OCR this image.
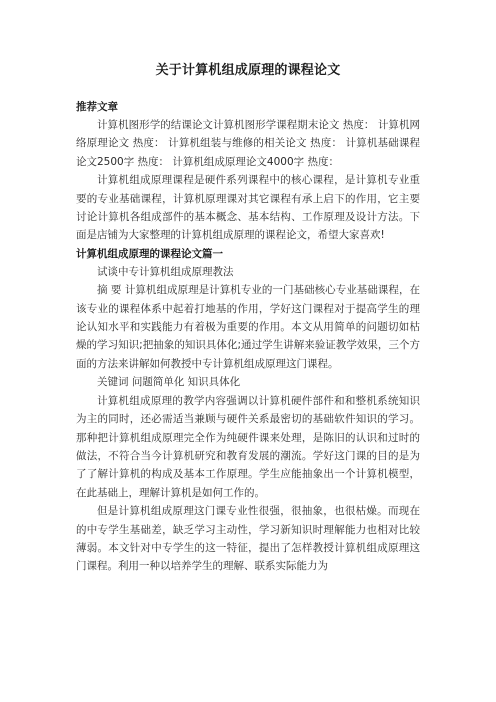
关于计算机组成原理的课程论文
推荐文章

计算机图形学的结课论文计算机图形学课程期末论文 热度： 计算机网络原理论文 热度： 计算机组装与维修的相关论文 热度： 计算机基础课程论文2500字 热度： 计算机组成原理论文4000字 热度：

计算机组成原理课程是硬件系列课程中的核心课程，是计算机专业重要的专业基础课程，计算机原理课对其它课程有承上启下的作用，它主要讨论计算机各组成部件的基本概念、基本结构、工作原理及设计方法。下面是店铺为大家整理的计算机组成原理的课程论文，希望大家喜欢!

计算机组成原理的课程论文篇一

试谈中专计算机组成原理教法

摘 要 计算机组成原理是计算机专业的一门基础核心专业基础课程，在该专业的课程体系中起着打地基的作用，学好这门课程对于提高学生的理论认知水平和实践能力有着极为重要的作用。本文从用简单的问题切如枯燥的学习知识;把抽象的知识具体化;通过学生讲解来验证教学效果，三个方面的方法来讲解如何教授中专计算机组成原理这门课程。

关键词 问题简单化 知识具体化

计算机组成原理的教学内容强调以计算机硬件部件和和整机系统知识为主的同时，还必需适当兼顾与硬件关系最密切的基础软件知识的学习。那种把计算机组成原理完全作为纯硬件课来处理，是陈旧的认识和过时的做法，不符合当今计算机研究和教育发展的潮流。学好这门课的目的是为了了解计算机的构成及基本工作原理。学生应能抽象出一个计算机模型，在此基础上，理解计算机是如何工作的。

但是计算机组成原理这门课专业性很强，很抽象，也很枯燥。而现在的中专学生基础差，缺乏学习主动性，学习新知识时理解能力也相对比较薄弱。本文针对中专学生的这一特征，提出了怎样教授计算机组成原理这门课程。利用一种以培养学生的理解、联系实际能力为
